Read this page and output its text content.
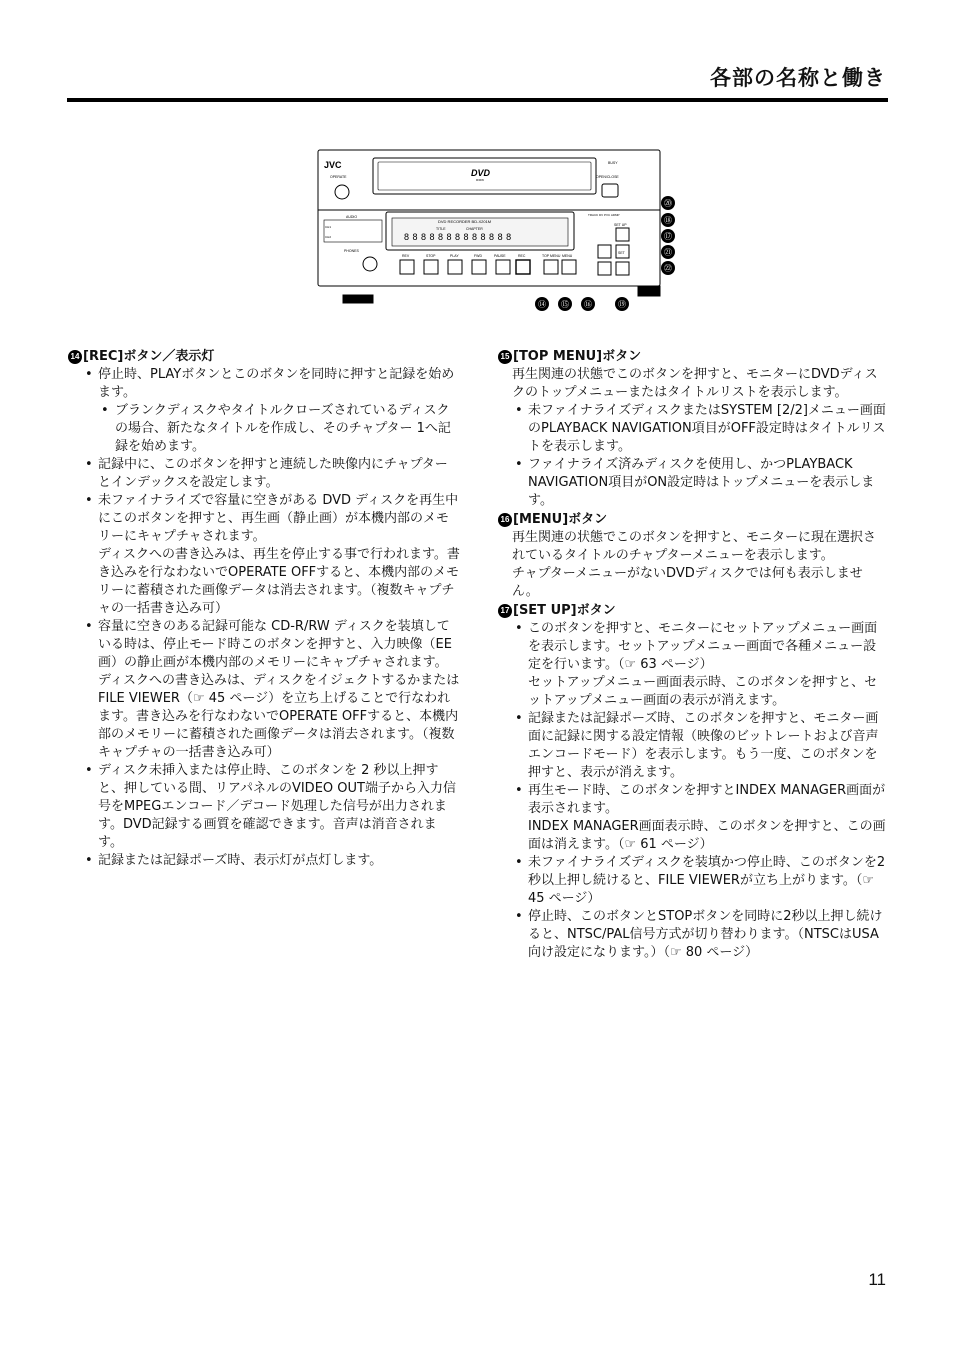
各部の名称と働き
JVC
DVD RECORDER BD-X201M
8 8 8 8 8 8 8 8 8 8 8 8 8
DVD
OPERATE	OPEN/CLOSE
BUSY
TITLE	CHAPTER
PHONES
AUDIO
REV	STOP	PLAY	FWD	PAUSE	REC	TOP MENU MENU
SET UP
SET
R/RW
CH1
CH2
TRACK DV PVC ADMP
⑭ ⑮ ⑯	⑲
⑳
⑱
⑰
㉑
㉒

14 [REC]ボタン／表示灯

• 停止時、PLAYボタンとこのボタンを同時に押すと記録を始めます。
• ブランクディスクやタイトルクローズされているディスクの場合、新たなタイトルを作成し、そのチャプター 1へ記録を始めます。
• 記録中に、このボタンを押すと連続した映像内にチャプターとインデックスを設定します。
• 未ファイナライズで容量に空きがある DVD ディスクを再生中にこのボタンを押すと、再生画（静止画）が本機内部のメモリーにキャプチャされます。
ディスクへの書き込みは、再生を停止する事で行われます。書き込みを行なわないでOPERATE OFFすると、本機内部のメモリーに蓄積された画像データは消去されます。（複数キャプチャの一括書き込み可）
• 容量に空きのある記録可能な CD-R/RW ディスクを装填している時は、停止モード時このボタンを押すと、入力映像（EE画）の静止画が本機内部のメモリーにキャプチャされます。
ディスクへの書き込みは、ディスクをイジェクトするかまたはFILE VIEWER（☞ 45 ページ）を立ち上げることで行なわれます。書き込みを行なわないでOPERATE OFFすると、本機内部のメモリーに蓄積された画像データは消去されます。（複数キャプチャの一括書き込み可）
• ディスク未挿入または停止時、このボタンを 2 秒以上押すと、押している間、リアパネルのVIDEO OUT端子から入力信号をMPEGエンコード／デコード処理した信号が出力されます。DVD記録する画質を確認できます。音声は消音されます。
• 記録または記録ポーズ時、表示灯が点灯します。

15 [TOP MENU]ボタン

再生関連の状態でこのボタンを押すと、モニターにDVDディスクのトップメニューまたはタイトルリストを表示します。

• 未ファイナライズディスクまたはSYSTEM [2/2]メニュー画面のPLAYBACK NAVIGATION項目がOFF設定時はタイトルリストを表示します。
• ファイナライズ済みディスクを使用し、かつPLAYBACK NAVIGATION項目がON設定時はトップメニューを表示します。

16 [MENU]ボタン

再生関連の状態でこのボタンを押すと、モニターに現在選択されているタイトルのチャプターメニューを表示します。

チャプターメニューがないDVDディスクでは何も表示しません。

17 [SET UP]ボタン

• このボタンを押すと、モニターにセットアップメニュー画面を表示します。セットアップメニュー画面で各種メニュー設定を行います。（☞ 63 ページ）
セットアップメニュー画面表示時、このボタンを押すと、セットアップメニュー画面の表示が消えます。
• 記録または記録ポーズ時、このボタンを押すと、モニター画面に記録に関する設定情報（映像のビットレートおよび音声エンコードモード）を表示します。もう一度、このボタンを押すと、表示が消えます。
• 再生モード時、このボタンを押すとINDEX MANAGER画面が表示されます。
INDEX MANAGER画面表示時、このボタンを押すと、この画面は消えます。（☞ 61 ページ）
• 未ファイナライズディスクを装填かつ停止時、このボタンを2秒以上押し続けると、FILE VIEWERが立ち上がります。（☞ 45 ページ）
• 停止時、このボタンとSTOPボタンを同時に2秒以上押し続けると、NTSC/PAL信号方式が切り替わります。（NTSCはUSA向け設定になります。）（☞ 80 ページ）
11
